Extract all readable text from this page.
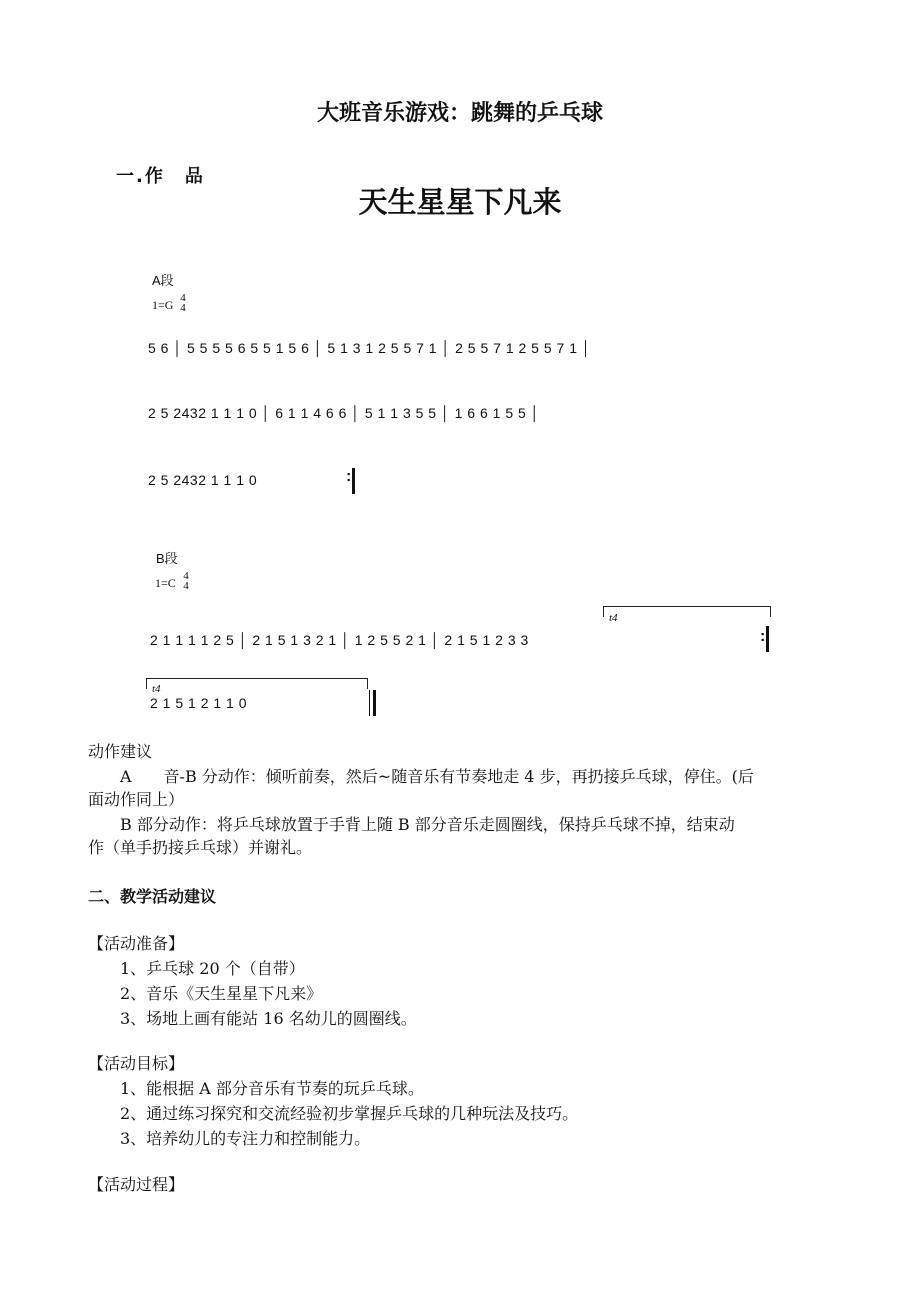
大班音乐游戏：跳舞的乒乓球
一.作　品
天生星星下凡来
A段
1=G 4
4
5 6 │ 5 5 5 5 6 5 5 1 5 6 │ 5 1 3 1 2 5 5 7 1 │ 2 5 5 7 1 2 5 5 7 1 │
2 5 2432 1 1 1 0 │ 6 1 1 4 6 6 │ 5 1 1 3 5 5 │ 1 6 6 1 5 5 │
2 5 2432 1 1 1 0	:
B段
1=C 4
4
t4
2 1 1 1 1 2 5 │ 2 1 5 1 3 2 1 │ 1 2 5 5 2 1 │ 2 1 5 1 2 3 3	:
t4
2 1 5 1 2 1 1 0
动作建议
A　　音-B 分动作：倾听前奏，然后~随音乐有节奏地走 4 步，再扔接乒乓球，停住。(后
面动作同上）
B 部分动作：将乒乓球放置于手背上随 B 部分音乐走圆圈线，保持乒乓球不掉，结束动
作（单手扔接乒乓球）并谢礼。
二、教学活动建议
【活动准备】
1、乒乓球 20 个（自带）
2、音乐《天生星星下凡来》
3、场地上画有能站 16 名幼儿的圆圈线。
【活动目标】
1、能根据 A 部分音乐有节奏的玩乒乓球。
2、通过练习探究和交流经验初步掌握乒乓球的几种玩法及技巧。
3、培养幼儿的专注力和控制能力。
【活动过程】
